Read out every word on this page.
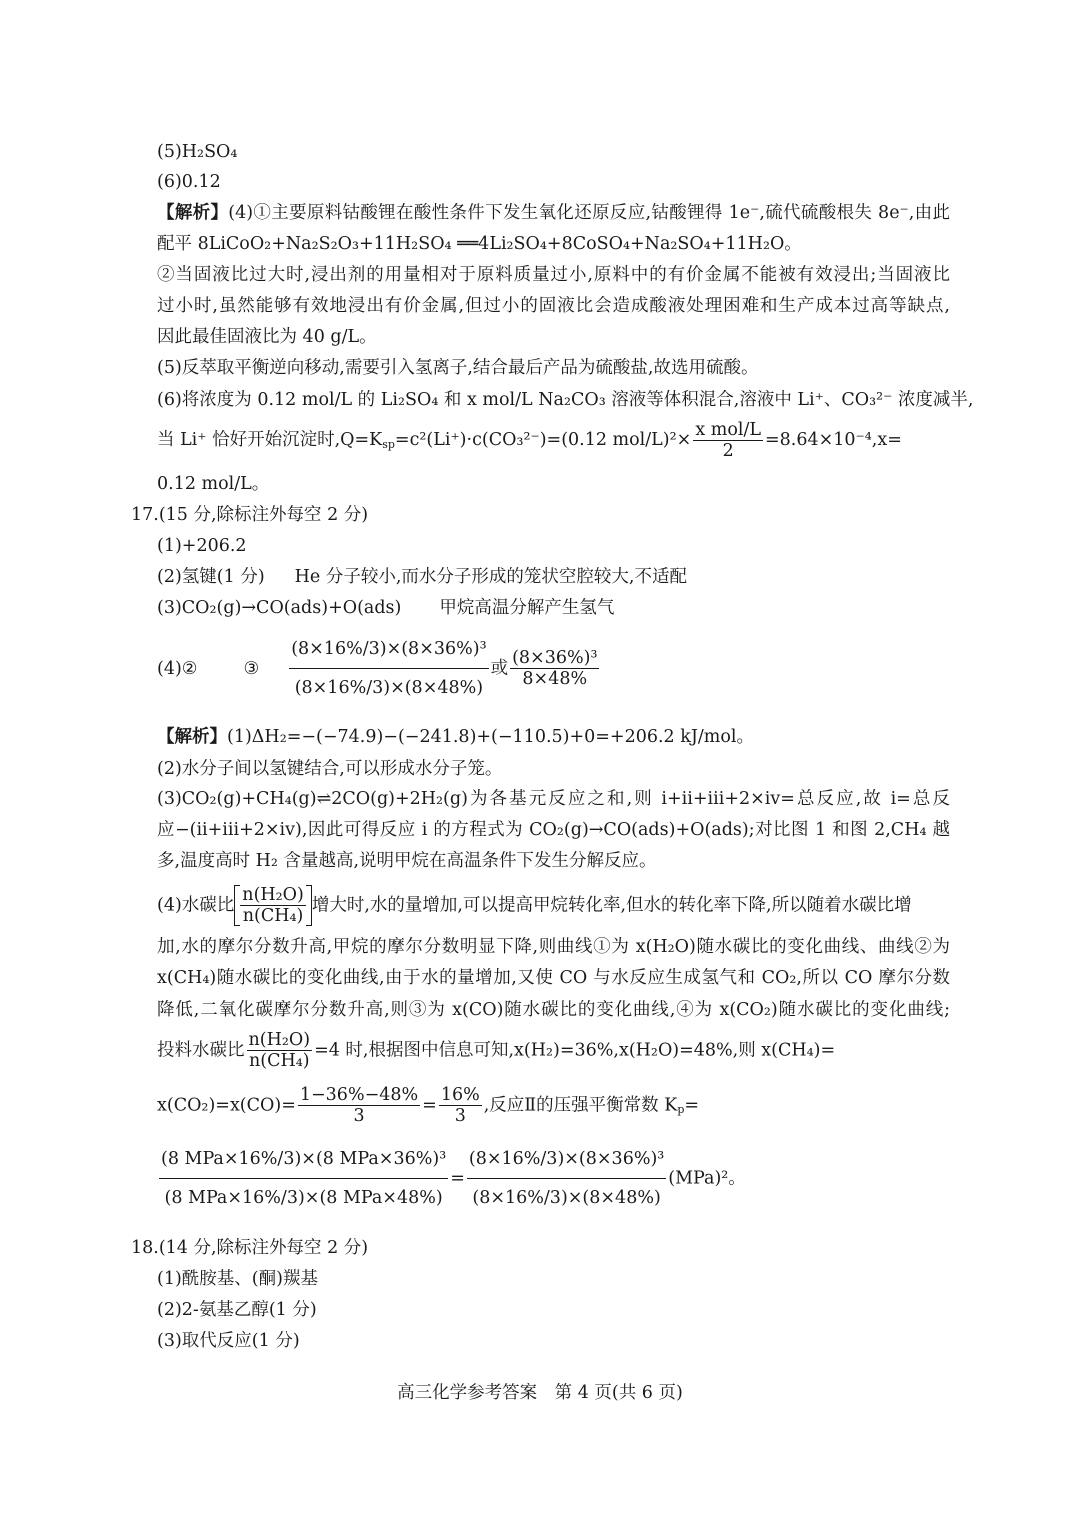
(5)H₂SO₄
(6)0.12
【解析】(4)①主要原料钴酸锂在酸性条件下发生氧化还原反应,钴酸锂得 1e⁻,硫代硫酸根失 8e⁻,由此
配平 8LiCoO₂+Na₂S₂O₃+11H₂SO₄ ══4Li₂SO₄+8CoSO₄+Na₂SO₄+11H₂O。
②当固液比过大时,浸出剂的用量相对于原料质量过小,原料中的有价金属不能被有效浸出;当固液比
过小时,虽然能够有效地浸出有价金属,但过小的固液比会造成酸液处理困难和生产成本过高等缺点,
因此最佳固液比为 40 g/L。
(5)反萃取平衡逆向移动,需要引入氢离子,结合最后产品为硫酸盐,故选用硫酸。
(6)将浓度为 0.12 mol/L 的 Li₂SO₄ 和 x mol/L Na₂CO₃ 溶液等体积混合,溶液中 Li⁺、CO₃²⁻ 浓度减半,
当 Li⁺ 恰好开始沉淀时,Q=Ksp=c²(Li⁺)·c(CO₃²⁻)=(0.12 $mol/L)^2\times \frac{\text{x mol/L}}{2} =8.64\times 10^{-4},x=$
0.12 mol/L。
17.(15 分,除标注外每空 2 分)
(1)+206.2
(2)氢键(1 分) He 分子较小,而水分子形成的笼状空腔较大,不适配
(3)CO₂(g)→CO(ads)+O(ads) 甲烷高温分解产生氢气
(4)②	③ $\frac{\text{(8×16\%/3)×(8×36\%)³}}{(8\times 16\%/3)\times(8\times 48\%)}$ 或 $\frac{\text{(8×36\%)³}}{8\times 48\%}$
【解析】(1)ΔH₂=−(−74.9)−(−241.8)+(−110.5)+0=+206.2 kJ/mol。
(2)水分子间以氢键结合,可以形成水分子笼。
(3)CO₂(g)+CH₄(g)⇌2CO(g)+2H₂(g)为各基元反应之和,则 i+ii+iii+2×iv=总反应,故 i=总反
应−(ii+iii+2×iv),因此可得反应 i 的方程式为 CO₂(g)→CO(ads)+O(ads);对比图 1 和图 2,CH₄ 越
多,温度高时 H₂ 含量越高,说明甲烷在高温条件下发生分解反应。
(4)水碳比 $\frac{\text{n(H₂O)}}{\text{n(CH₄)}}$ 增大时,水的量增加,可以提高甲烷转化率,但水的转化率下降,所以随着水碳比增
加,水的摩尔分数升高,甲烷的摩尔分数明显下降,则曲线①为 x(H₂O)随水碳比的变化曲线、曲线②为
x(CH₄)随水碳比的变化曲线,由于水的量增加,又使 CO 与水反应生成氢气和 CO₂,所以 CO 摩尔分数
降低,二氧化碳摩尔分数升高,则③为 x(CO)随水碳比的变化曲线,④为 x(CO₂)随水碳比的变化曲线;
投料水碳比 $\frac{\text{n(H₂O)}}{\text{n(CH₄)}} =4$ 时,根据图中信息可知,x(H₂)=36%,x(H₂O)=48%,则 x(CH₄)=
$x(CO_2)=x(CO)= \frac{1-36\%-48\%}{3} = \frac{16\%}{3}$ ,反应Ⅱ的压强平衡常数 Kp=
$\frac{\text{(8 MPa×16\%/3)×(8 MPa×36\%)³}}{\text{(8 MPa×16\%/3)×(8 MPa×48\%)}} = \frac{\text{(8×16\%/3)×(8×36\%)³}}{(8\times 16\%/3)\times(8\times 48\%)} (MPa)^2$。
18.(14 分,除标注外每空 2 分)
(1)酰胺基、(酮)羰基
(2)2-氨基乙醇(1 分)
(3)取代反应(1 分)
高三化学参考答案　第 4 页(共 6 页)
